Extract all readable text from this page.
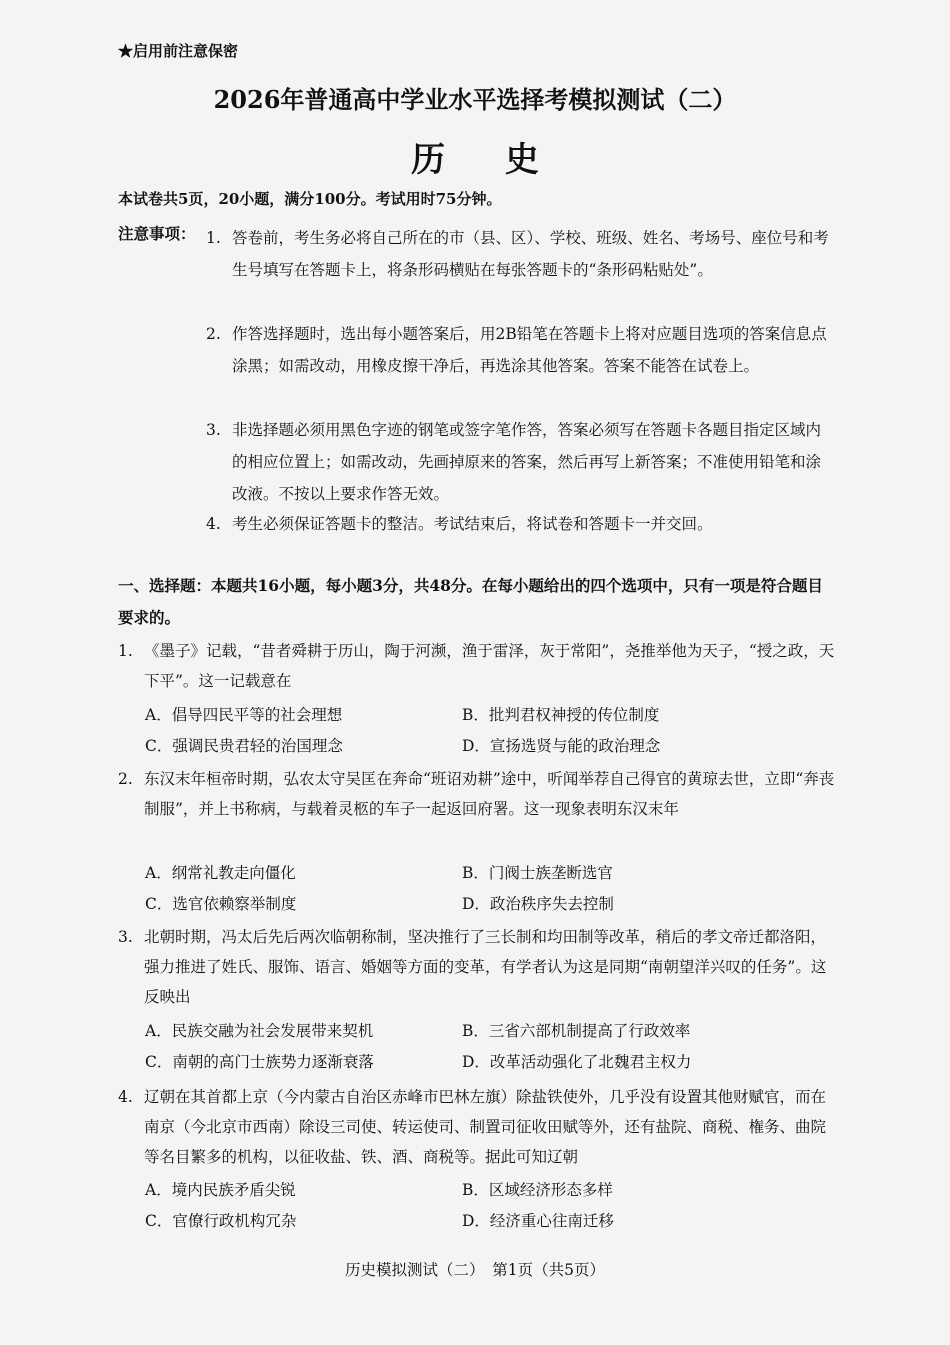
★启用前注意保密
2026年普通高中学业水平选择考模拟测试（二）
历 史
本试卷共5页，20小题，满分100分。考试用时75分钟。
注意事项： 1. 答卷前，考生务必将自己所在的市（县、区）、学校、班级、姓名、考场号、座位号和考生号填写在答题卡上，将条形码横贴在每张答题卡的“条形码粘贴处”。
2. 作答选择题时，选出每小题答案后，用2B铅笔在答题卡上将对应题目选项的答案信息点涂黑；如需改动，用橡皮擦干净后，再选涂其他答案。答案不能答在试卷上。
3. 非选择题必须用黑色字迹的钢笔或签字笔作答，答案必须写在答题卡各题目指定区域内的相应位置上；如需改动，先画掉原来的答案，然后再写上新答案；不准使用铅笔和涂改液。不按以上要求作答无效。
4. 考生必须保证答题卡的整洁。考试结束后，将试卷和答题卡一并交回。
一、选择题：本题共16小题，每小题3分，共48分。在每小题给出的四个选项中，只有一项是符合题目要求的。
1. 《墨子》记载，“昔者舜耕于历山，陶于河濒，渔于雷泽，灰于常阳”，尧推举他为天子，“授之政，天下平”。这一记载意在
A．倡导四民平等的社会理想	B．批判君权神授的传位制度
C．强调民贵君轻的治国理念	D．宣扬选贤与能的政治理念
2. 东汉末年桓帝时期，弘农太守吴匡在奔命“班诏劝耕”途中，听闻举荐自己得官的黄琼去世，立即“奔丧制服”，并上书称病，与载着灵柩的车子一起返回府署。这一现象表明东汉末年
A．纲常礼教走向僵化	B．门阀士族垄断选官
C．选官依赖察举制度	D．政治秩序失去控制
3. 北朝时期，冯太后先后两次临朝称制，坚决推行了三长制和均田制等改革，稍后的孝文帝迁都洛阳，强力推进了姓氏、服饰、语言、婚姻等方面的变革，有学者认为这是同期“南朝望洋兴叹的任务”。这反映出
A．民族交融为社会发展带来契机	B．三省六部机制提高了行政效率
C．南朝的高门士族势力逐渐衰落	D．改革活动强化了北魏君主权力
4. 辽朝在其首都上京（今内蒙古自治区赤峰市巴林左旗）除盐铁使外，几乎没有设置其他财赋官，而在南京（今北京市西南）除设三司使、转运使司、制置司征收田赋等外，还有盐院、商税、権务、曲院等名目繁多的机构，以征收盐、铁、酒、商税等。据此可知辽朝
A．境内民族矛盾尖锐	B．区域经济形态多样
C．官僚行政机构冗杂	D．经济重心往南迁移
历史模拟测试（二）　第1页（共5页）
